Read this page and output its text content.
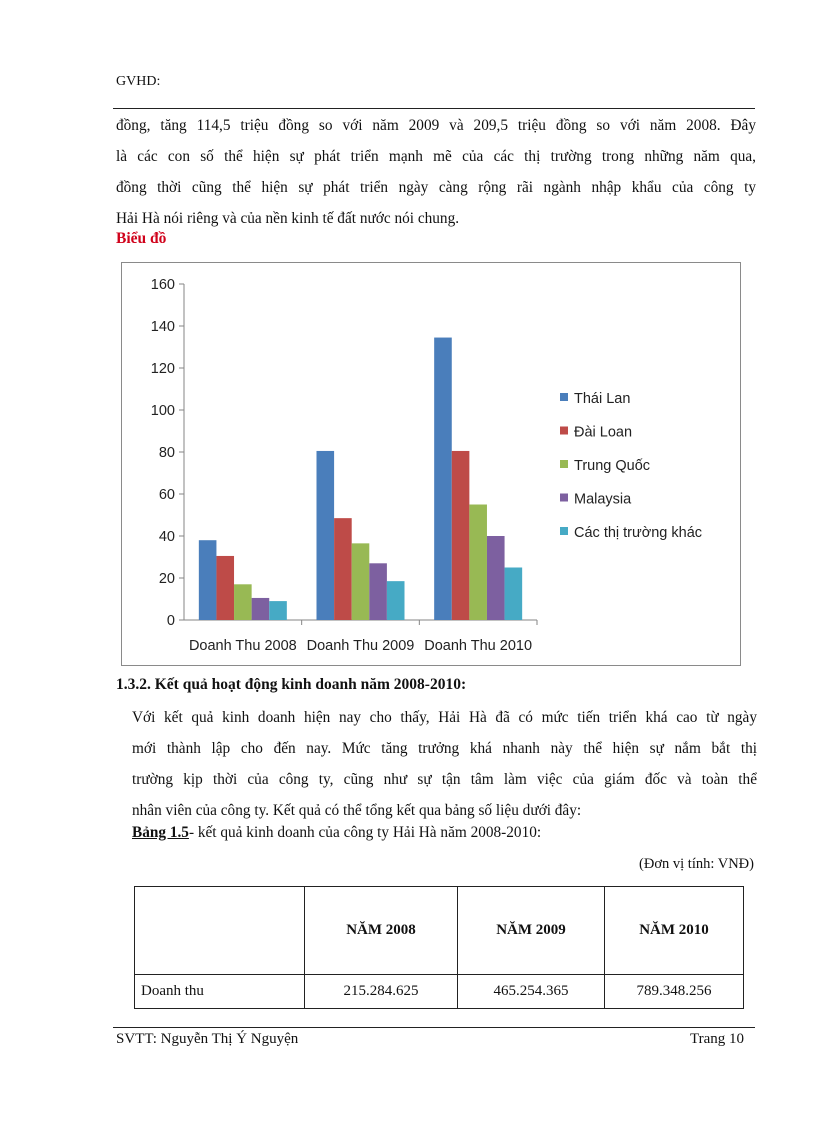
GVHD:
đồng, tăng 114,5 triệu đồng so với năm 2009 và 209,5 triệu đồng so với năm 2008. Đây
là các con số thể hiện sự phát triển mạnh mẽ của các thị trường trong những năm qua,
đồng thời cũng thể hiện sự phát triển ngày càng rộng rãi ngành nhập khẩu của công ty
Hải Hà nói riêng và của nền kinh tế đất nước nói chung.
Biểu đồ
0
20
40
60
80
100
120
140
160
Doanh Thu 2008 Doanh Thu 2009 Doanh Thu 2010
Thái Lan
Đài Loan
Trung Quốc
Malaysia
Các thị trường khác
1.3.2. Kết quả hoạt động kinh doanh năm 2008-2010:
Với kết quả kinh doanh hiện nay cho thấy, Hải Hà đã có mức tiến triển khá cao từ ngày
mới thành lập cho đến nay. Mức tăng trưởng khá nhanh này thể hiện sự nắm bắt thị
trường kịp thời của công ty, cũng như sự tận tâm làm việc của giám đốc và toàn thể
nhân viên của công ty. Kết quả có thể tổng kết qua bảng số liệu dưới đây:
Bảng 1.5- kết quả kinh doanh của công ty Hải Hà năm 2008-2010:
(Đơn vị tính: VNĐ)
	NĂM 2008	NĂM 2009	NĂM 2010
Doanh thu	215.284.625	465.254.365	789.348.256
SVTT: Nguyễn Thị Ý Nguyện	Trang 10
